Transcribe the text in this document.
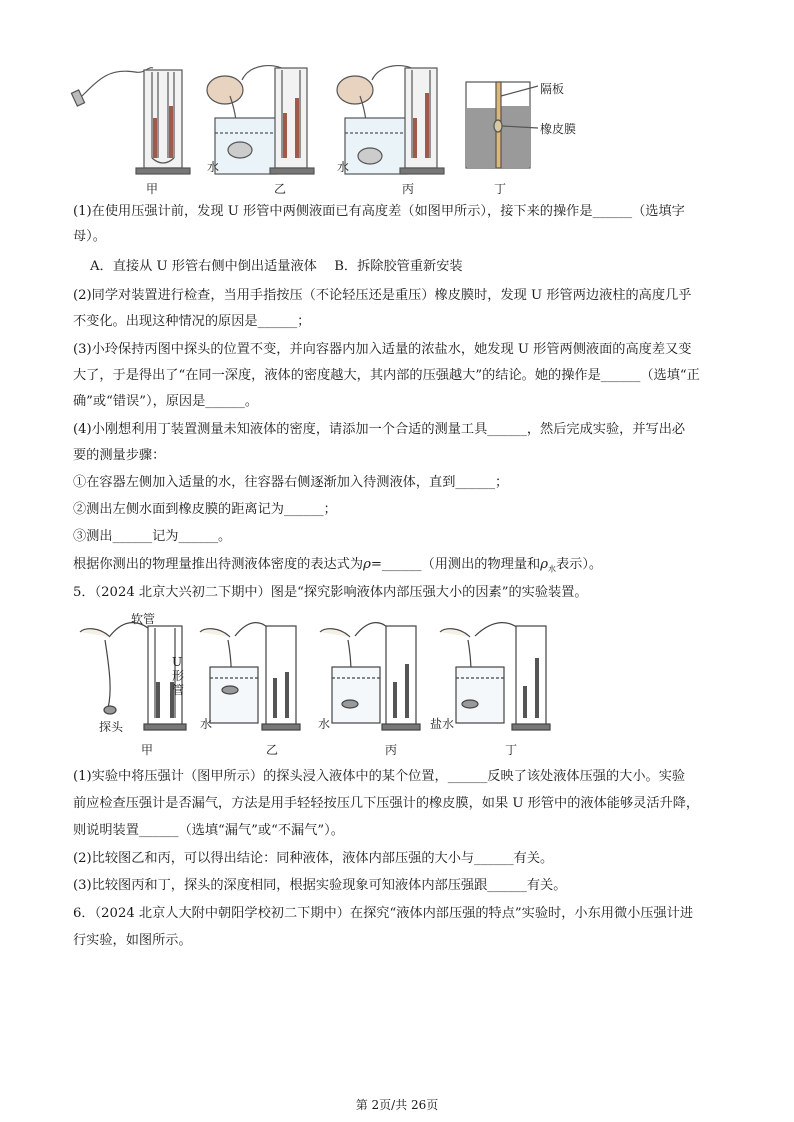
甲	乙	丙	丁
水	水
隔板
橡皮膜
(1)在使用压强计前，发现 U 形管中两侧液面已有高度差（如图甲所示），接下来的操作是______（选填字
母）。
A．直接从 U 形管右侧中倒出适量液体　 B．拆除胶管重新安装
(2)同学对装置进行检查，当用手指按压（不论轻压还是重压）橡皮膜时，发现 U 形管两边液柱的高度几乎
不变化。出现这种情况的原因是______；
(3)小玲保持丙图中探头的位置不变，并向容器内加入适量的浓盐水，她发现 U 形管两侧液面的高度差又变
大了，于是得出了“在同一深度，液体的密度越大，其内部的压强越大”的结论。她的操作是______（选填“正
确”或“错误”），原因是______。
(4)小刚想利用丁装置测量未知液体的密度，请添加一个合适的测量工具______，然后完成实验，并写出必
要的测量步骤：
①在容器左侧加入适量的水，往容器右侧逐渐加入待测液体，直到______；
②测出左侧水面到橡皮膜的距离记为______；
③测出______记为______。
根据你测出的物理量推出待测液体密度的表达式为ρ=______（用测出的物理量和$\rho_水$表示）。
5．（2024 北京大兴初二下期中）图是“探究影响液体内部压强大小的因素”的实验装置。
软管
U形管
探头	水	水	盐水
甲	乙	丙	丁
(1)实验中将压强计（图甲所示）的探头浸入液体中的某个位置，______反映了该处液体压强的大小。实验
前应检查压强计是否漏气，方法是用手轻轻按压几下压强计的橡皮膜，如果 U 形管中的液体能够灵活升降，
则说明装置______（选填“漏气”或“不漏气”）。
(2)比较图乙和丙，可以得出结论：同种液体，液体内部压强的大小与______有关。
(3)比较图丙和丁，探头的深度相同，根据实验现象可知液体内部压强跟______有关。
6．（2024 北京人大附中朝阳学校初二下期中）在探究“液体内部压强的特点”实验时，小东用微小压强计进
行实验，如图所示。
第 2页/共 26页
